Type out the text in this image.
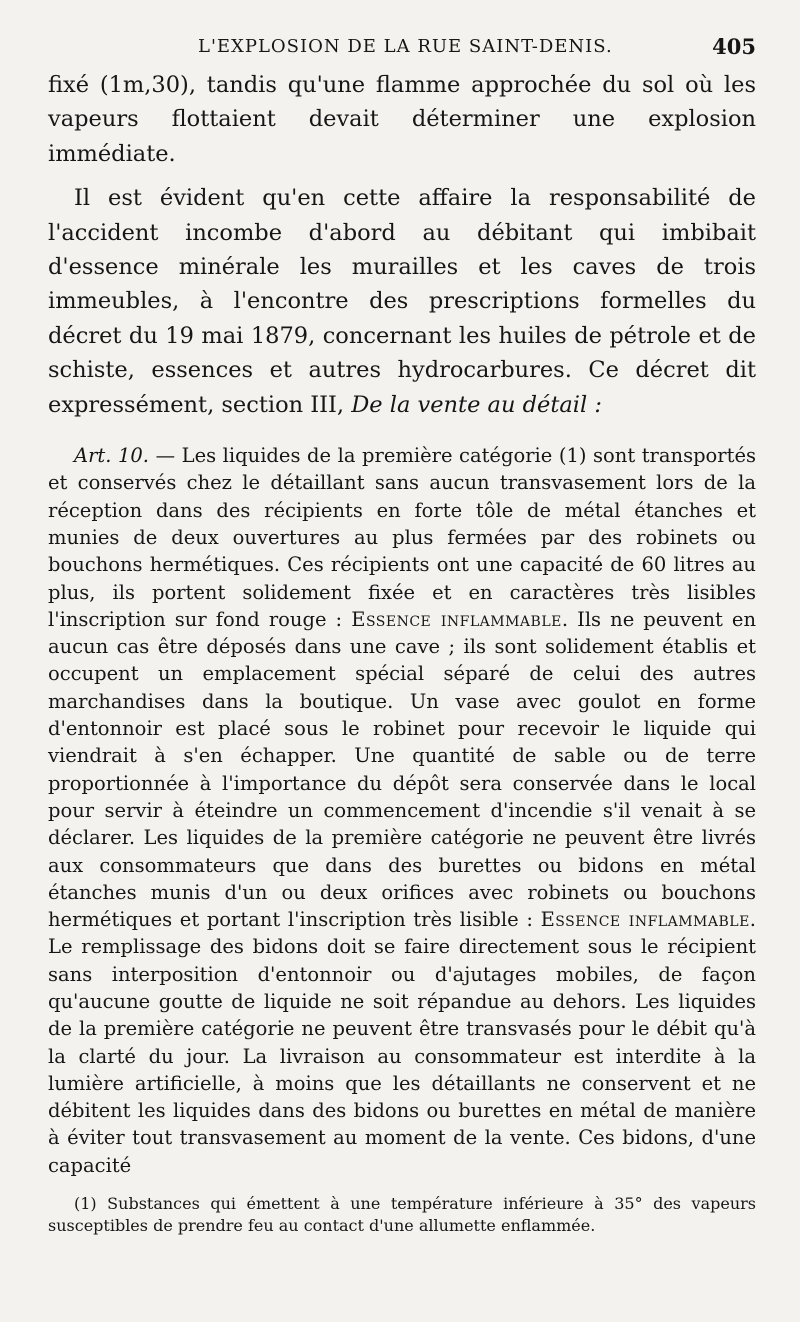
L'EXPLOSION DE LA RUE SAINT-DENIS.	405

fixé (1m,30), tandis qu'une flamme approchée du sol où les vapeurs flottaient devait déterminer une explosion immédiate.

Il est évident qu'en cette affaire la responsabilité de l'accident incombe d'abord au débitant qui imbibait d'essence minérale les murailles et les caves de trois immeubles, à l'encontre des prescriptions formelles du décret du 19 mai 1879, concernant les huiles de pétrole et de schiste, essences et autres hydrocarbures. Ce décret dit expressément, section III, De la vente au détail :

Art. 10. — Les liquides de la première catégorie (1) sont transportés et conservés chez le détaillant sans aucun transvasement lors de la réception dans des récipients en forte tôle de métal étanches et munies de deux ouvertures au plus fermées par des robinets ou bouchons hermétiques. Ces récipients ont une capacité de 60 litres au plus, ils portent solidement fixée et en caractères très lisibles l'inscription sur fond rouge : Essence inflammable. Ils ne peuvent en aucun cas être déposés dans une cave ; ils sont solidement établis et occupent un emplacement spécial séparé de celui des autres marchandises dans la boutique. Un vase avec goulot en forme d'entonnoir est placé sous le robinet pour recevoir le liquide qui viendrait à s'en échapper. Une quantité de sable ou de terre proportionnée à l'importance du dépôt sera conservée dans le local pour servir à éteindre un commencement d'incendie s'il venait à se déclarer. Les liquides de la première catégorie ne peuvent être livrés aux consommateurs que dans des burettes ou bidons en métal étanches munis d'un ou deux orifices avec robinets ou bouchons hermétiques et portant l'inscription très lisible : Essence inflammable. Le remplissage des bidons doit se faire directement sous le récipient sans interposition d'entonnoir ou d'ajutages mobiles, de façon qu'aucune goutte de liquide ne soit répandue au dehors. Les liquides de la première catégorie ne peuvent être transvasés pour le débit qu'à la clarté du jour. La livraison au consommateur est interdite à la lumière artificielle, à moins que les détaillants ne conservent et ne débitent les liquides dans des bidons ou burettes en métal de manière à éviter tout transvasement au moment de la vente. Ces bidons, d'une capacité

(1) Substances qui émettent à une température inférieure à 35° des vapeurs susceptibles de prendre feu au contact d'une allumette enflammée.
